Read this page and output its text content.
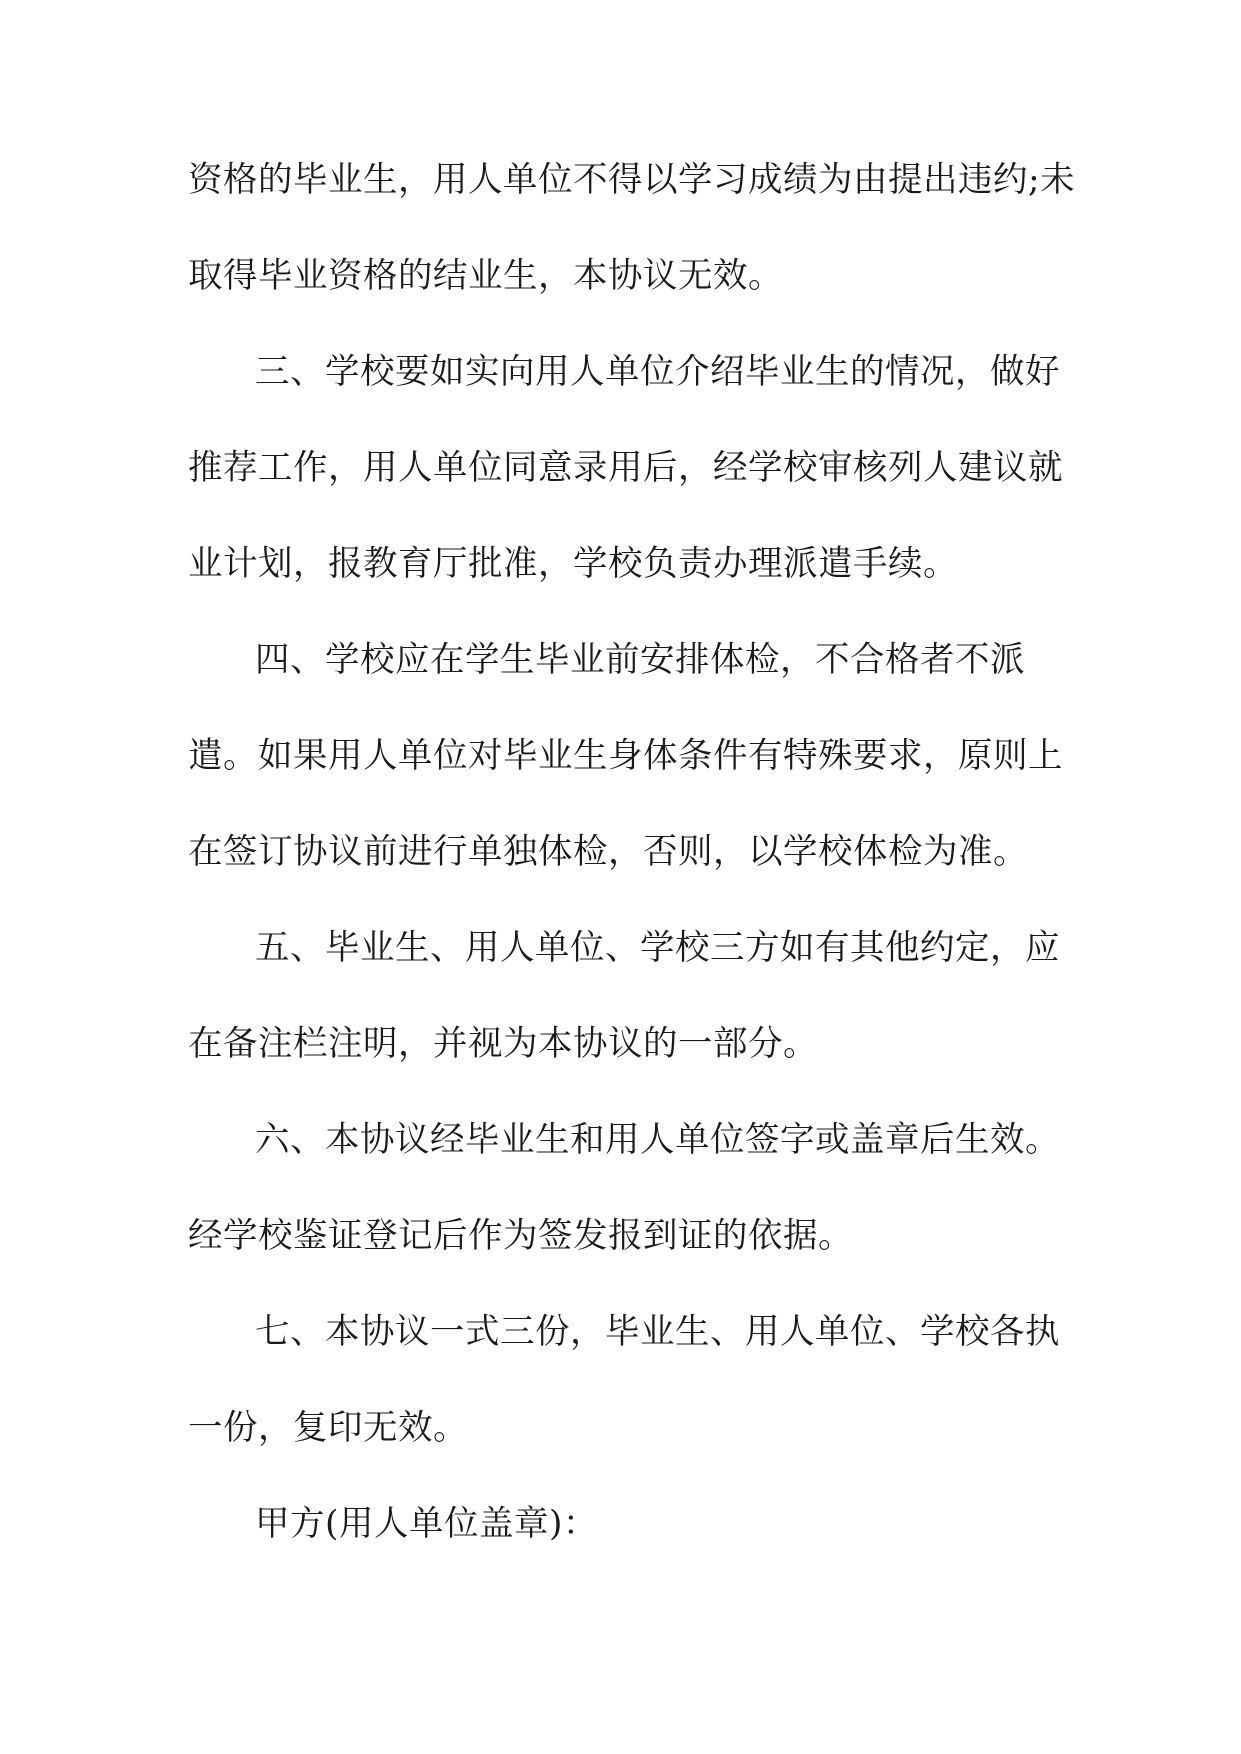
资格的毕业生，用人单位不得以学习成绩为由提出违约;未
取得毕业资格的结业生，本协议无效。
三、学校要如实向用人单位介绍毕业生的情况，做好
推荐工作，用人单位同意录用后，经学校审核列人建议就
业计划，报教育厅批准，学校负责办理派遣手续。
四、学校应在学生毕业前安排体检，不合格者不派
遣。如果用人单位对毕业生身体条件有特殊要求，原则上
在签订协议前进行单独体检，否则，以学校体检为准。
五、毕业生、用人单位、学校三方如有其他约定，应
在备注栏注明，并视为本协议的一部分。
六、本协议经毕业生和用人单位签字或盖章后生效。
经学校鉴证登记后作为签发报到证的依据。
七、本协议一式三份，毕业生、用人单位、学校各执
一份，复印无效。
甲方(用人单位盖章)：
